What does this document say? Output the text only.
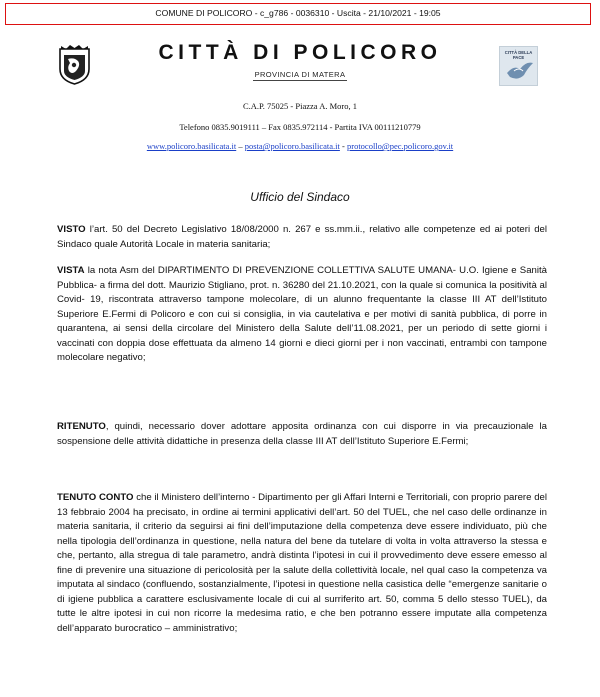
COMUNE DI POLICORO - c_g786 - 0036310 - Uscita - 21/10/2021 - 19:05
CITTÀ DI POLICORO
PROVINCIA DI MATERA
CITTÀ DELLA PACE
C.A.P. 75025 - Piazza A. Moro, 1
Telefono 0835.9019111 – Fax 0835.972114 - Partita IVA 00111210779
www.policoro.basilicata.it – posta@policoro.basilicata.it - protocollo@pec.policoro.gov.it
Ufficio del Sindaco

VISTO l’art. 50 del Decreto Legislativo 18/08/2000 n. 267 e ss.mm.ii., relativo alle competenze ed ai poteri del Sindaco quale Autorità Locale in materia sanitaria;

VISTA la nota Asm del DIPARTIMENTO DI PREVENZIONE COLLETTIVA SALUTE UMANA- U.O. Igiene e Sanità Pubblica- a firma del dott. Maurizio Stigliano, prot. n. 36280 del 21.10.2021, con la quale si comunica la positività al Covid- 19, riscontrata attraverso tampone molecolare, di un alunno frequentante la classe III AT dell’Istituto Superiore E.Fermi di Policoro e con cui si consiglia, in via cautelativa e per motivi di sanità pubblica, di porre in quarantena, ai sensi della circolare del Ministero della Salute dell’11.08.2021, per un periodo di sette giorni i vaccinati con doppia dose effettuata da almeno 14 giorni e dieci giorni per i non vaccinati, entrambi con tampone molecolare negativo;

RITENUTO, quindi, necessario dover adottare apposita ordinanza con cui disporre in via precauzionale la sospensione delle attività didattiche in presenza della classe III AT dell’Istituto Superiore E.Fermi;

TENUTO CONTO che il Ministero dell’interno - Dipartimento per gli Affari Interni e Territoriali, con proprio parere del 13 febbraio 2004 ha precisato, in ordine ai termini applicativi dell’art. 50 del TUEL, che nel caso delle ordinanze in materia sanitaria, il criterio da seguirsi ai fini dell’imputazione della competenza deve essere individuato, più che nella tipologia dell’ordinanza in questione, nella natura del bene da tutelare di volta in volta attraverso la stessa e che, pertanto, alla stregua di tale parametro, andrà distinta l’ipotesi in cui il provvedimento deve essere emesso al fine di prevenire una situazione di pericolosità per la salute della collettività locale, nel qual caso la competenza va imputata al sindaco (confluendo, sostanzialmente, l’ipotesi in questione nella casistica delle “emergenze sanitarie o di igiene pubblica a carattere esclusivamente locale di cui al surriferito art. 50, comma 5 dello stesso TUEL), da tutte le altre ipotesi in cui non ricorre la medesima ratio, e che ben potranno essere imputate alla competenza dell’apparato burocratico – amministrativo;
